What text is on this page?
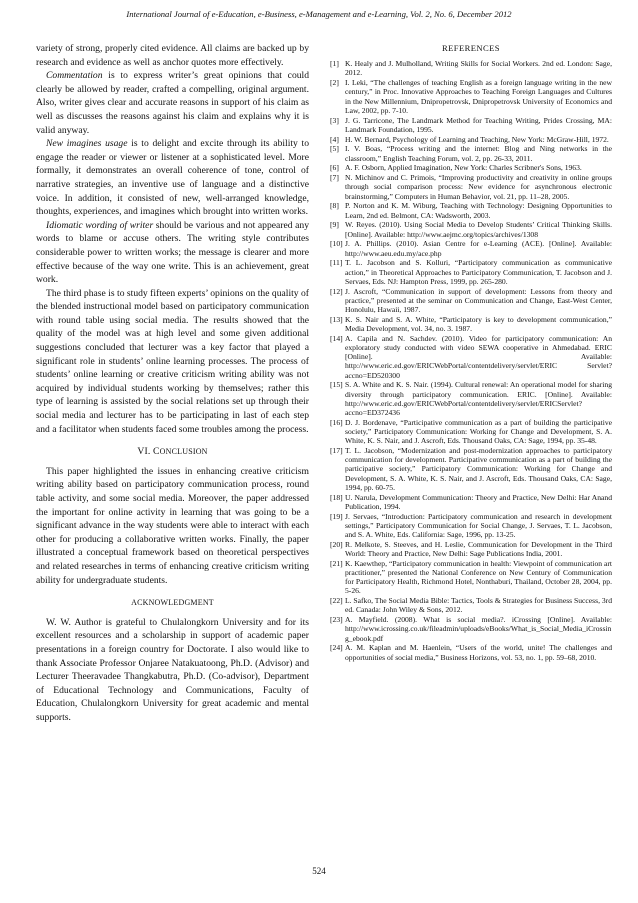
International Journal of e-Education, e-Business, e-Management and e-Learning, Vol. 2, No. 6, December 2012

variety of strong, properly cited evidence. All claims are backed up by research and evidence as well as anchor quotes more effectively.

Commentation is to express writer’s great opinions that could clearly be allowed by reader, crafted a compelling, original argument. Also, writer gives clear and accurate reasons in support of his claim as well as discusses the reasons against his claim and explains why it is valid anyway.

New imagines usage is to delight and excite through its ability to engage the reader or viewer or listener at a sophisticated level. More formally, it demonstrates an overall coherence of tone, control of narrative strategies, an inventive use of language and a distinctive voice. In addition, it consisted of new, well-arranged knowledge, thoughts, experiences, and imagines which brought into written works.

Idiomatic wording of writer should be various and not appeared any words to blame or accuse others. The writing style contributes considerable power to written works; the message is clearer and more effective because of the way one write. This is an achievement, great work.

The third phase is to study fifteen experts’ opinions on the quality of the blended instructional model based on participatory communication with round table using social media. The results showed that the quality of the model was at high level and some given additional suggestions concluded that lecturer was a key factor that played a significant role in students’ online learning processes. The process of students’ online learning or creative criticism writing ability was not acquired by individual students working by themselves; rather this type of learning is assisted by the social relations set up through their social media and lecturer has to be participating in last of each step and a facilitator when students faced some troubles among the process.

VI. CONCLUSION

This paper highlighted the issues in enhancing creative criticism writing ability based on participatory communication process, round table activity, and some social media. Moreover, the paper addressed the important for online activity in learning that was going to be a significant advance in the way students were able to interact with each other for producing a collaborative written works. Finally, the paper illustrated a conceptual framework based on theoretical perspectives and related researches in terms of enhancing creative criticism writing ability for undergraduate students.

ACKNOWLEDGMENT

W. W. Author is grateful to Chulalongkorn University and for its excellent resources and a scholarship in support of academic paper presentations in a foreign country for Doctorate. I also would like to thank Associate Professor Onjaree Natakuatoong, Ph.D. (Advisor) and Lecturer Theeravadee Thangkabutra, Ph.D. (Co-advisor), Department of Educational Technology and Communications, Faculty of Education, Chulalongkorn University for great academic and mental supports.

REFERENCES
[1] K. Healy and J. Mulholland, Writing Skills for Social Workers. 2nd ed. London: Sage, 2012.
[2] I. Leki, “The challenges of teaching English as a foreign language writing in the new century,” in Proc. Innovative Approaches to Teaching Foreign Languages and Cultures in the New Millennium, Dnipropetrovsk, Dnipropetrovsk University of Economics and Law, 2002, pp. 7-10.
[3] J. G. Tarricone, The Landmark Method for Teaching Writing, Prides Crossing, MA: Landmark Foundation, 1995.
[4] H. W. Bernard, Psychology of Learning and Teaching, New York: McGraw-Hill, 1972.
[5] I. V. Boas, “Process writing and the internet: Blog and Ning networks in the classroom,” English Teaching Forum, vol. 2, pp. 26-33, 2011.
[6] A. F. Osborn, Applied Imagination, New York: Charles Scribner's Sons, 1963.
[7] N. Michinov and C. Primois, “Improving productivity and creativity in online groups through social comparison process: New evidence for asynchronous electronic brainstorming,” Computers in Human Behavior, vol. 21, pp. 11–28, 2005.
[8] P. Norton and K. M. Wiburg, Teaching with Technology: Designing Opportunities to Learn, 2nd ed. Belmont, CA: Wadsworth, 2003.
[9] W. Reyes. (2010). Using Social Media to Develop Students’ Critical Thinking Skills. [Online]. Available: http://www.aejmc.org/topics/archives/1308
[10] J. A. Phillips. (2010). Asian Centre for e-Learning (ACE). [Online]. Available: http://www.aeu.edu.my/ace.php
[11] T. L. Jacobson and S. Kolluri, “Participatory communication as communicative action,” in Theoretical Approaches to Participatory Communication, T. Jacobson and J. Servaes, Eds. NJ: Hampton Press, 1999, pp. 265-280.
[12] J. Ascroft, “Communication in support of development: Lessons from theory and practice,” presented at the seminar on Communication and Change, East-West Center, Honolulu, Hawaii, 1987.
[13] K. S. Nair and S. A. White, “Participatory is key to development communication,” Media Development, vol. 34, no. 3. 1987.
[14] A. Capila and N. Sachdev. (2010). Video for participatory communication: An exploratory study conducted with video SEWA cooperative in Ahmedabad. ERIC [Online]. Available: http://www.eric.ed.gov/ERICWebPortal/contentdelivery/servlet/ERIC Servlet?accno=ED520300
[15] S. A. White and K. S. Nair. (1994). Cultural renewal: An operational model for sharing diversity through participatory communication. ERIC. [Online]. Available: http://www.eric.ed.gov/ERICWebPortal/contentdelivery/servlet/ERICServlet?accno=ED372436
[16] D. J. Bordenave, “Participative communication as a part of building the participative society,” Participatory Communication: Working for Change and Development, S. A. White, K. S. Nair, and J. Ascroft, Eds. Thousand Oaks, CA: Sage, 1994, pp. 35-48.
[17] T. L. Jacobson, “Modernization and post-modernization approaches to participatory communication for development. Participative communication as a part of building the participative society,” Participatory Communication: Working for Change and Development, S. A. White, K. S. Nair, and J. Ascroft, Eds. Thousand Oaks, CA: Sage, 1994, pp. 60-75.
[18] U. Narula, Development Communication: Theory and Practice, New Delhi: Har Anand Publication, 1994.
[19] J. Servaes, “Introduction: Participatory communication and research in development settings,” Participatory Communication for Social Change, J. Servaes, T. L. Jacobson, and S. A. White, Eds. California: Sage, 1996, pp. 13-25.
[20] R. Melkote, S. Steeves, and H. Leslie, Communication for Development in the Third World: Theory and Practice, New Delhi: Sage Publications India, 2001.
[21] K. Kaewthep, “Participatory communication in health: Viewpoint of communication art practitioner,” presented the National Conference on New Century of Communication for Participatory Health, Richmond Hotel, Nonthaburi, Thailand, October 28, 2004, pp. 5-26.
[22] L. Safko, The Social Media Bible: Tactics, Tools & Strategies for Business Success, 3rd ed. Canada: John Wiley & Sons, 2012.
[23] A. Mayfield. (2008). What is social media?. iCrossing [Online]. Available: http://www.icrossing.co.uk/fileadmin/uploads/eBooks/What_is_Social_Media_iCrossing_ebook.pdf
[24] A. M. Kaplan and M. Haenlein, “Users of the world, unite! The challenges and opportunities of social media,” Business Horizons, vol. 53, no. 1, pp. 59–68, 2010.
524
